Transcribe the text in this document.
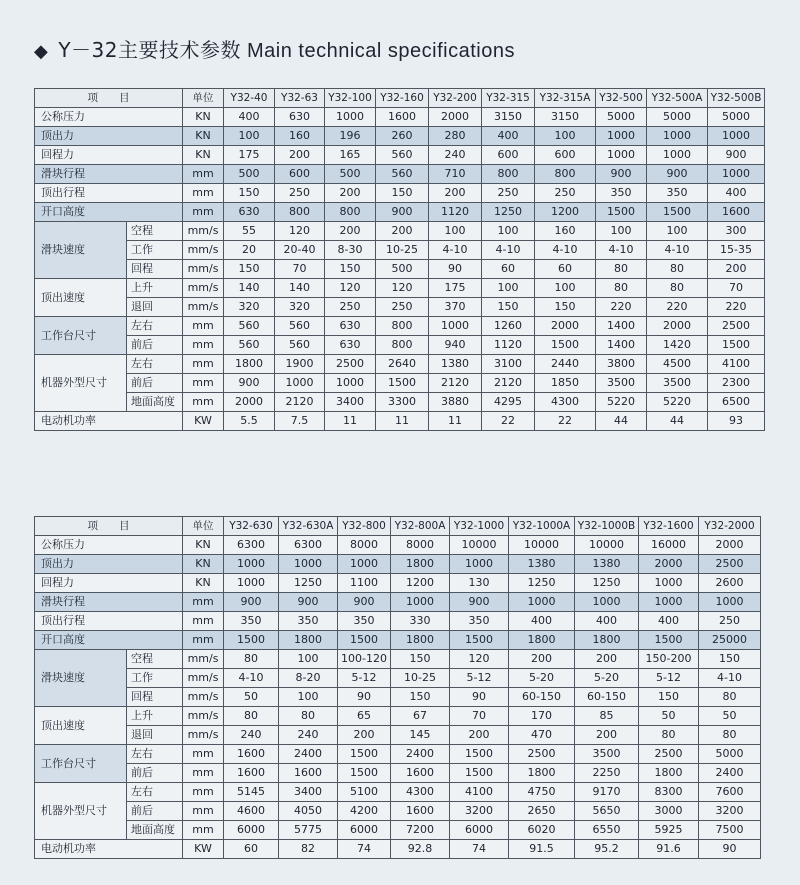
◆ Y－32主要技术参数 Main technical specifications
项　　目		单位	Y32-40	Y32-63	Y32-100	Y32-160	Y32-200	Y32-315	Y32-315A	Y32-500	Y32-500A	Y32-500B
公称压力		KN	400	630	1000	1600	2000	3150	3150	5000	5000	5000
顶出力		KN	100	160	196	260	280	400	100	1000	1000	1000
回程力		KN	175	200	165	560	240	600	600	1000	1000	900
滑块行程		mm	500	600	500	560	710	800	800	900	900	1000
顶出行程		mm	150	250	200	150	200	250	250	350	350	400
开口高度		mm	630	800	800	900	1120	1250	1200	1500	1500	1600
滑块速度	空程	mm/s	55	120	200	200	100	100	160	100	100	300
	工作	mm/s	20	20-40	8-30	10-25	4-10	4-10	4-10	4-10	4-10	15-35
	回程	mm/s	150	70	150	500	90	60	60	80	80	200
顶出速度	上升	mm/s	140	140	120	120	175	100	100	80	80	70
	退回	mm/s	320	320	250	250	370	150	150	220	220	220
工作台尺寸	左右	mm	560	560	630	800	1000	1260	2000	1400	2000	2500
	前后	mm	560	560	630	800	940	1120	1500	1400	1420	1500
机器外型尺寸	左右	mm	1800	1900	2500	2640	1380	3100	2440	3800	4500	4100
	前后	mm	900	1000	1000	1500	2120	2120	1850	3500	3500	2300
	地面高度	mm	2000	2120	3400	3300	3880	4295	4300	5220	5220	6500
电动机功率		KW	5.5	7.5	11	11	11	22	22	44	44	93
项　　目		单位	Y32-630	Y32-630A	Y32-800	Y32-800A	Y32-1000	Y32-1000A	Y32-1000B	Y32-1600	Y32-2000
公称压力		KN	6300	6300	8000	8000	10000	10000	10000	16000	2000
顶出力		KN	1000	1000	1000	1800	1000	1380	1380	2000	2500
回程力		KN	1000	1250	1100	1200	130	1250	1250	1000	2600
滑块行程		mm	900	900	900	1000	900	1000	1000	1000	1000
顶出行程		mm	350	350	350	330	350	400	400	400	250
开口高度		mm	1500	1800	1500	1800	1500	1800	1800	1500	25000
滑块速度	空程	mm/s	80	100	100-120	150	120	200	200	150-200	150
	工作	mm/s	4-10	8-20	5-12	10-25	5-12	5-20	5-20	5-12	4-10
	回程	mm/s	50	100	90	150	90	60-150	60-150	150	80
顶出速度	上升	mm/s	80	80	65	67	70	170	85	50	50
	退回	mm/s	240	240	200	145	200	470	200	80	80
工作台尺寸	左右	mm	1600	2400	1500	2400	1500	2500	3500	2500	5000
	前后	mm	1600	1600	1500	1600	1500	1800	2250	1800	2400
机器外型尺寸	左右	mm	5145	3400	5100	4300	4100	4750	9170	8300	7600
	前后	mm	4600	4050	4200	1600	3200	2650	5650	3000	3200
	地面高度	mm	6000	5775	6000	7200	6000	6020	6550	5925	7500
电动机功率		KW	60	82	74	92.8	74	91.5	95.2	91.6	90
